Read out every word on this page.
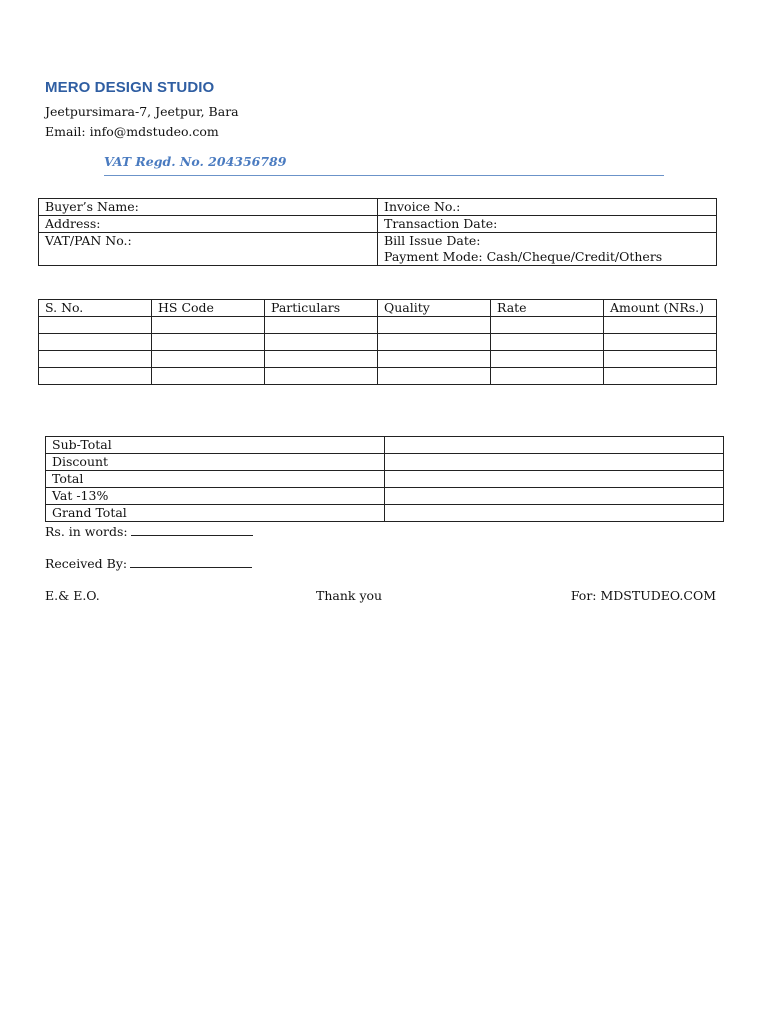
MERO DESIGN STUDIO
Jeetpursimara-7, Jeetpur, Bara
Email: info@mdstudeo.com
VAT Regd. No. 204356789
Buyer’s Name:	Invoice No.:
Address:	Transaction Date:
VAT/PAN No.:	Bill Issue Date:
	Payment Mode: Cash/Cheque/Credit/Others
S. No.	HS Code	Particulars	Quality	Rate	Amount (NRs.)

Sub-Total	
Discount	
Total	
Vat -13%	
Grand Total	
Rs. in words:
Received By:
E.& E.O.	Thank you	For: MDSTUDEO.COM
